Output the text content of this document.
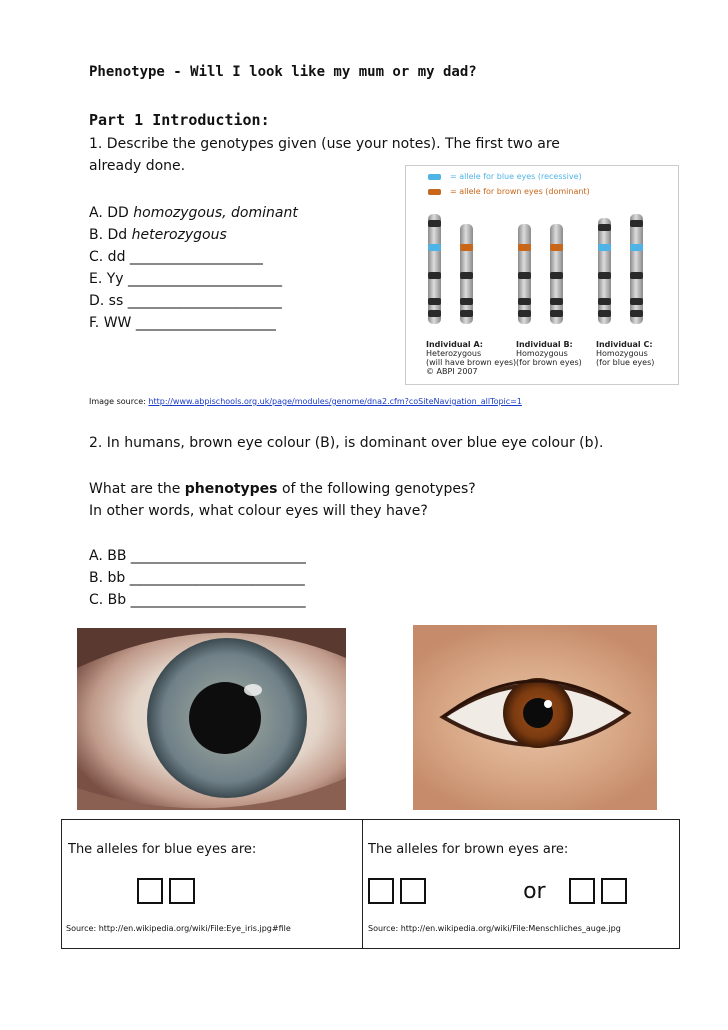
Phenotype - Will I look like my mum or my dad?
Part 1 Introduction:
1. Describe the genotypes given (use your notes). The first two are
already done.
A. DD homozygous, dominant
B. Dd heterozygous
C. dd ___________________
E. Yy ______________________
D. ss ______________________
F. WW ____________________
= allele for blue eyes (recessive)
= allele for brown eyes (dominant)
Individual A:
Heterozygous
(will have brown eyes)
© ABPI 2007
Individual B:
Homozygous
(for brown eyes)
Individual C:
Homozygous
(for blue eyes)
Image source: http://www.abpischools.org.uk/page/modules/genome/dna2.cfm?coSiteNavigation_allTopic=1
2. In humans, brown eye colour (B), is dominant over blue eye colour (b).
What are the phenotypes of the following genotypes?
In other words, what colour eyes will they have?
A. BB _________________________
B. bb _________________________
C. Bb _________________________
The alleles for blue eyes are:	The alleles for brown eyes are:
or
Source: http://en.wikipedia.org/wiki/File:Eye_iris.jpg#file	Source: http://en.wikipedia.org/wiki/File:Menschliches_auge.jpg
